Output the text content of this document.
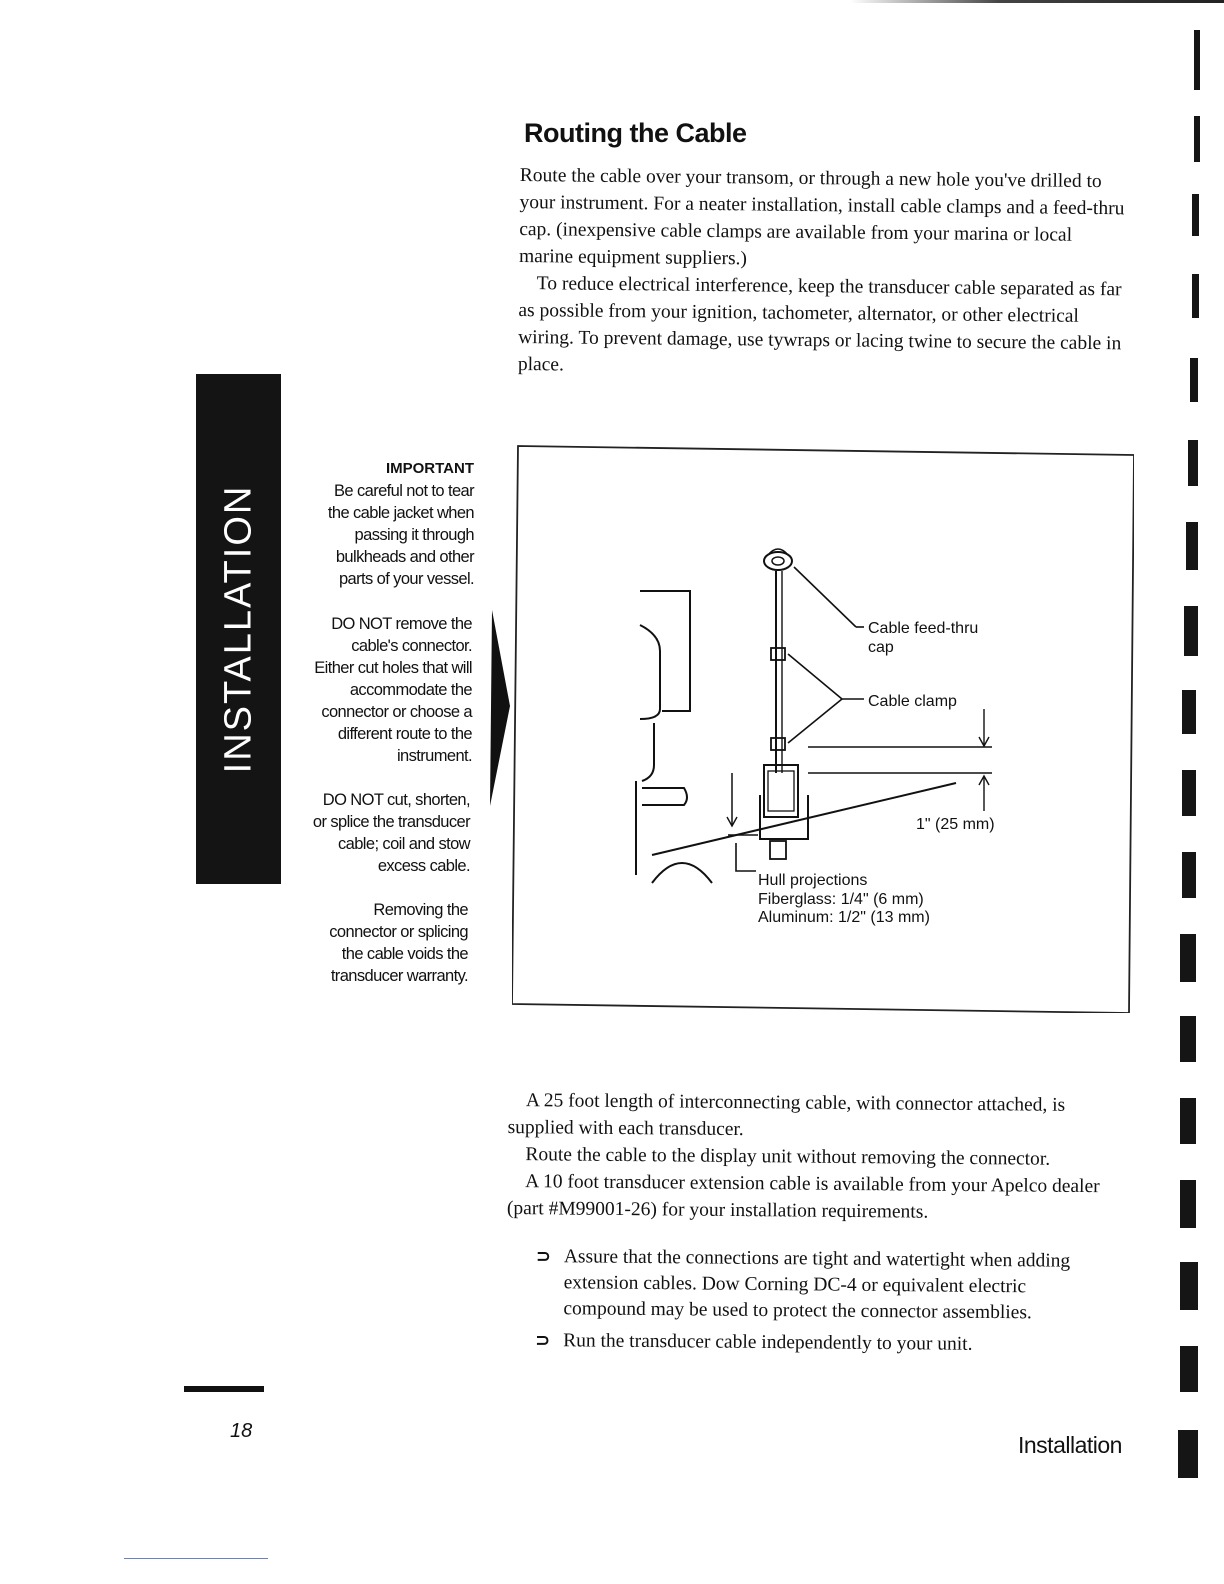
INSTALLATION
Routing the Cable

Route the cable over your transom, or through a new hole you've drilled to your instrument. For a neater installation, install cable clamps and a feed-thru cap. (inexpensive cable clamps are available from your marina or local marine equipment suppliers.)

To reduce electrical interference, keep the transducer cable separated as far as possible from your ignition, tachometer, alternator, or other electrical wiring. To prevent damage, use tywraps or lacing twine to secure the cable in place.

IMPORTANT
Be careful not to tear
the cable jacket when
passing it through
bulkheads and other
parts of your vessel.
DO NOT remove the
cable's connector.
Either cut holes that will
accommodate the
connector or choose a
different route to the
instrument.
DO NOT cut, shorten,
or splice the transducer
cable; coil and stow
excess cable.
Removing the
connector or splicing
the cable voids the
transducer warranty.
Cable feed-thru
cap
Cable clamp
1" (25 mm)
Hull projections
Fiberglass: 1/4" (6 mm)
Aluminum: 1/2" (13 mm)

A 25 foot length of interconnecting cable, with connector attached, is supplied with each transducer.

Route the cable to the display unit without removing the connector.

A 10 foot transducer extension cable is available from your Apelco dealer (part #M99001-26) for your installation requirements.

⊃ Assure that the connections are tight and watertight when adding extension cables. Dow Corning DC-4 or equivalent electric compound may be used to protect the connector assemblies.
⊃ Run the transducer cable independently to your unit.
18
Installation
